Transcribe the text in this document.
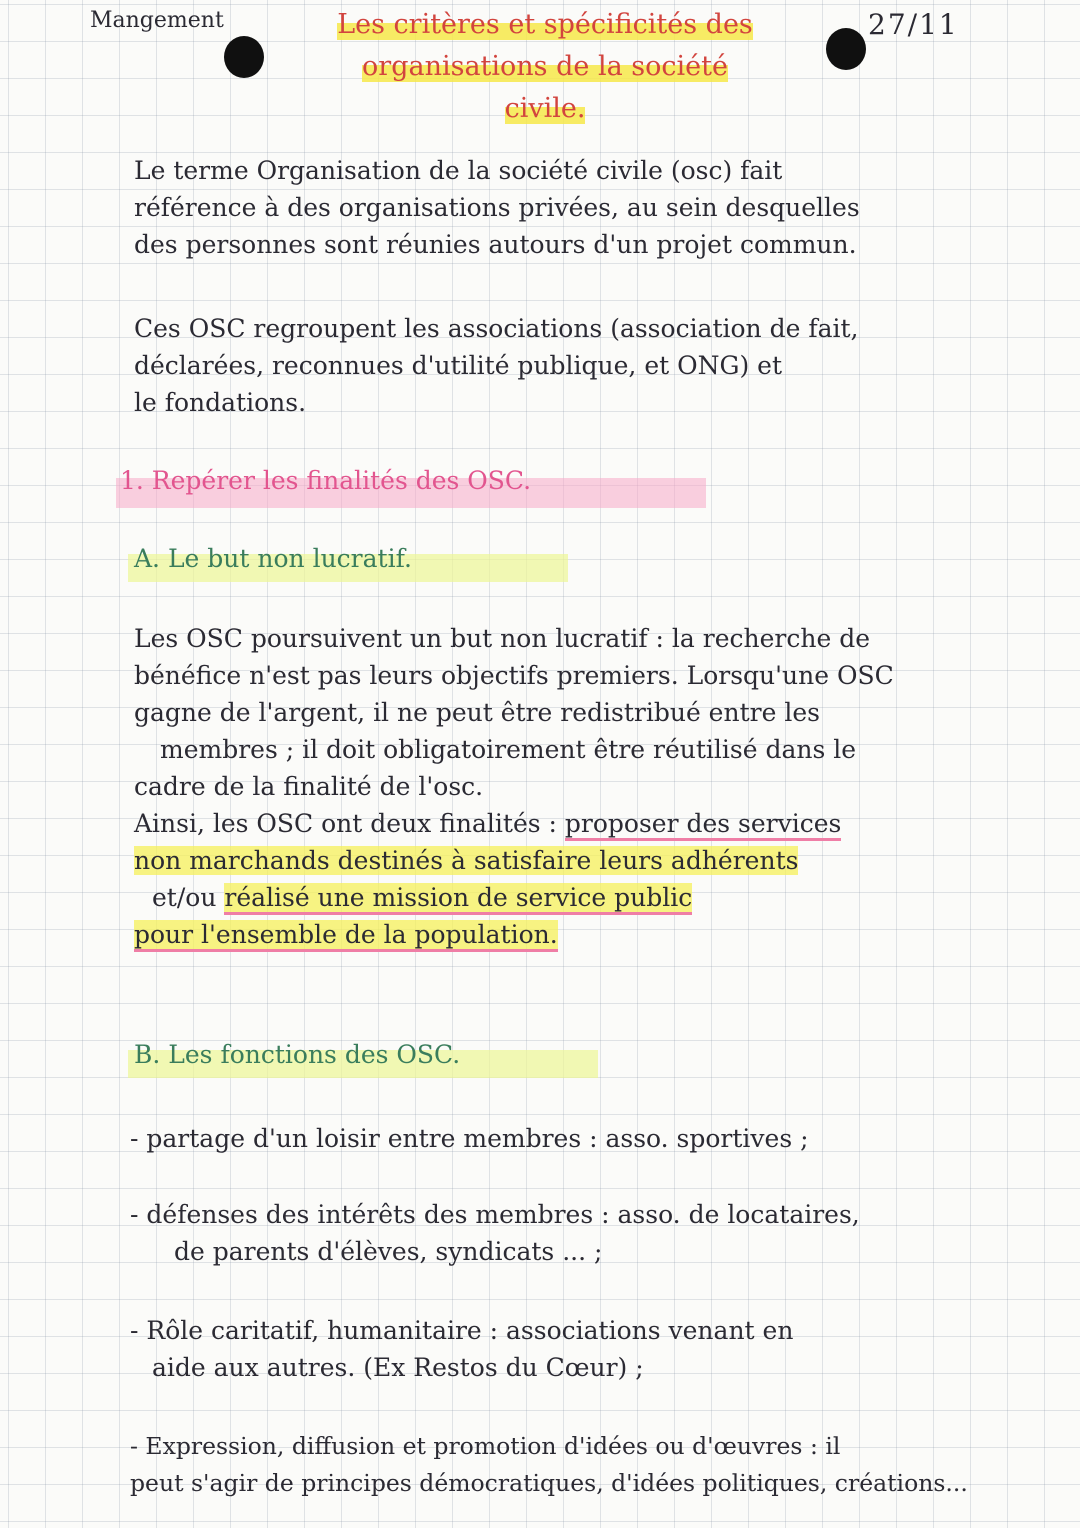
Mangement	Les critères et spécificités des
organisations de la société
civile.
27/11
Le terme Organisation de la société civile (osc) fait
référence à des organisations privées, au sein desquelles
des personnes sont réunies autours d'un projet commun.
Ces OSC regroupent les associations (association de fait,
déclarées, reconnues d'utilité publique, et ONG) et
le fondations.
1. Repérer les finalités des OSC.
A. Le but non lucratif.
Les OSC poursuivent un but non lucratif : la recherche de
bénéfice n'est pas leurs objectifs premiers. Lorsqu'une OSC
gagne de l'argent, il ne peut être redistribué entre les
membres ; il doit obligatoirement être réutilisé dans le
cadre de la finalité de l'osc.
Ainsi, les OSC ont deux finalités : proposer des services
non marchands destinés à satisfaire leurs adhérents
et/ou réalisé une mission de service public
pour l'ensemble de la population.
B. Les fonctions des OSC.
- partage d'un loisir entre membres : asso. sportives ;
- défenses des intérêts des membres : asso. de locataires,
de parents d'élèves, syndicats ... ;
- Rôle caritatif, humanitaire : associations venant en
aide aux autres. (Ex Restos du Cœur) ;
- Expression, diffusion et promotion d'idées ou d'œuvres : il
peut s'agir de principes démocratiques, d'idées politiques, créations...
